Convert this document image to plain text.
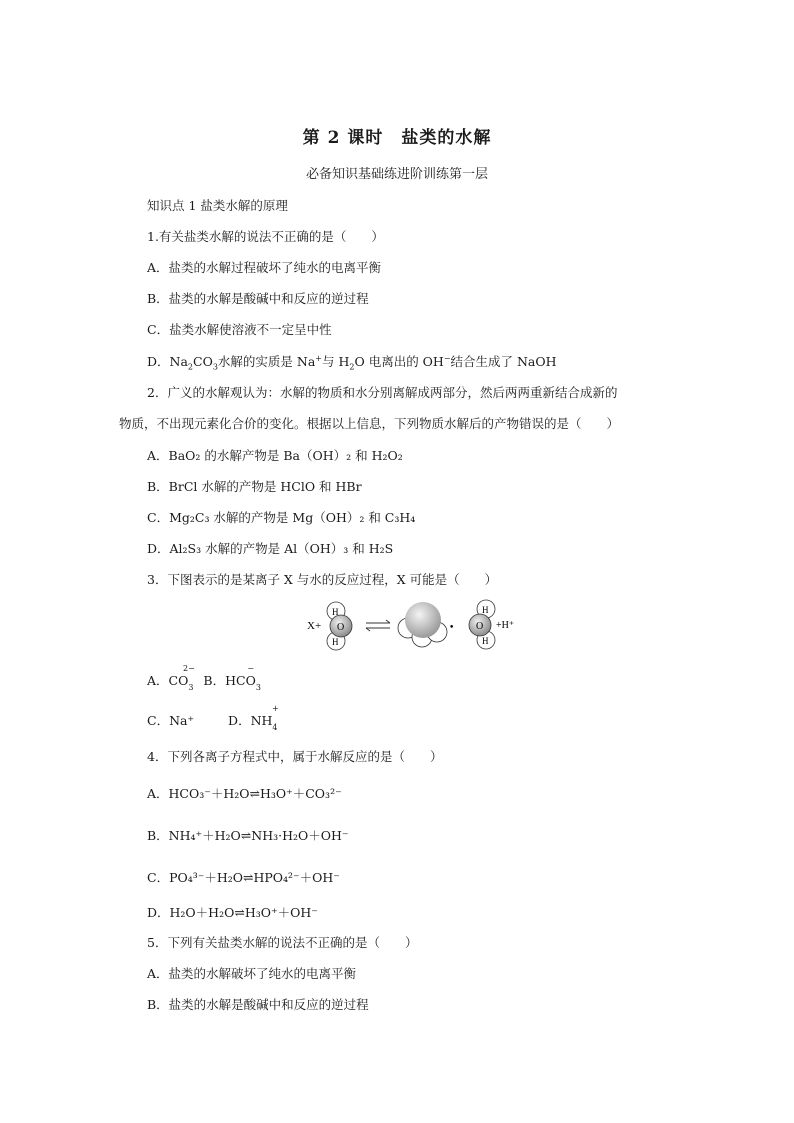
第 2 课时　盐类的水解
必备知识基础练进阶训练第一层
知识点 1 盐类水解的原理
1.有关盐类水解的说法不正确的是（　　）
A．盐类的水解过程破坏了纯水的电离平衡
B．盐类的水解是酸碱中和反应的逆过程
C．盐类水解使溶液不一定呈中性
D．$Na_2CO_3$水解的实质是 Na+与 $H_2O$ 电离出的 OH−结合生成了 NaOH
2．广义的水解观认为：水解的物质和水分别离解成两部分，然后两两重新结合成新的
物质，不出现元素化合价的变化。根据以上信息，下列物质水解后的产物错误的是（　　）
A．BaO₂ 的水解产物是 Ba（OH）₂ 和 H₂O₂
B．BrCl 水解的产物是 HClO 和 HBr
C．Mg₂C₃ 水解的产物是 Mg（OH）₂ 和 C₃H₄
D．Al₂S₃ 水解的产物是 Al（OH）₃ 和 H₂S
3．下图表示的是某离子 X 与水的反应过程，X 可能是（　　）
X+
H
H
O	•
H
H
O +H⁺
A．$CO_3$
2−
B．$HCO_3$
−
C．Na⁺	D．$NH_4$
+
4．下列各离子方程式中，属于水解反应的是（　　）
A．HCO₃⁻＋H₂O⇌H₃O⁺＋CO₃²⁻
B．NH₄⁺＋H₂O⇌NH₃·H₂O＋OH⁻
C．PO₄³⁻＋H₂O⇌HPO₄²⁻＋OH⁻
D．H₂O＋H₂O⇌H₃O⁺＋OH⁻
5．下列有关盐类水解的说法不正确的是（　　）
A．盐类的水解破坏了纯水的电离平衡
B．盐类的水解是酸碱中和反应的逆过程
